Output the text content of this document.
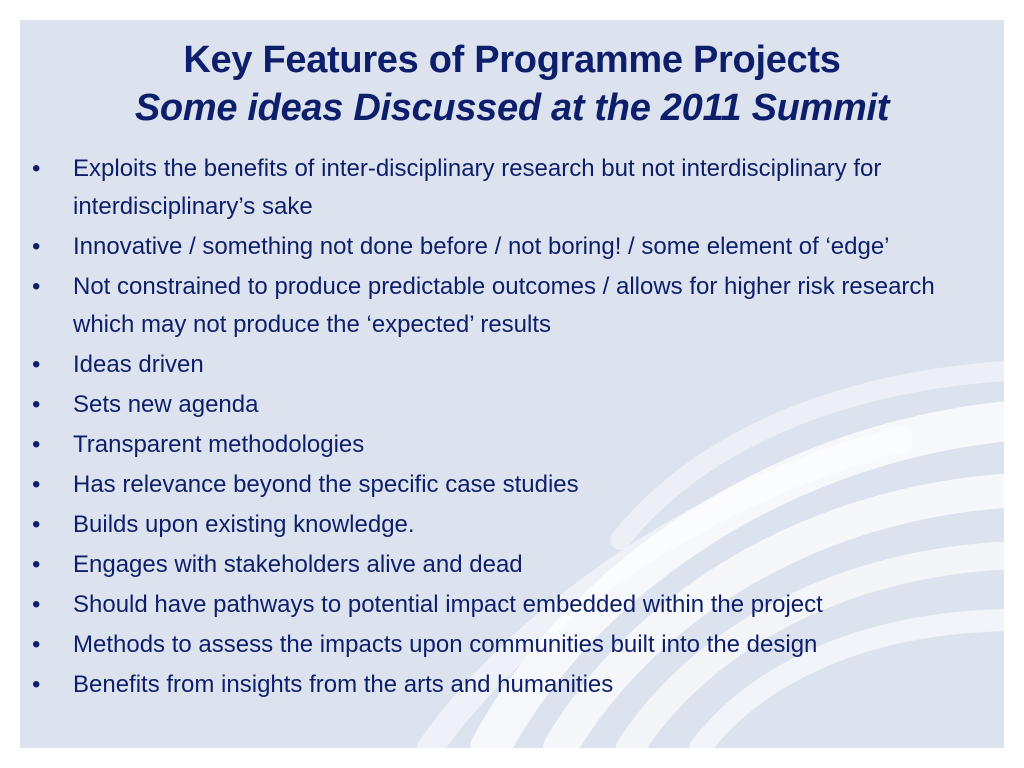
Key Features of Programme Projects
Some ideas Discussed at the 2011 Summit
•	Exploits the benefits of inter-disciplinary research but not interdisciplinary for interdisciplinary’s sake
•	Innovative / something not done before / not boring! / some element of ‘edge’
•	Not constrained to produce predictable outcomes / allows for higher risk research which may not produce the ‘expected’ results
•	Ideas driven
•	Sets new agenda
•	Transparent methodologies
•	Has relevance beyond the specific case studies
•	Builds upon existing knowledge.
•	Engages with stakeholders alive and dead
•	Should have pathways to potential impact embedded within the project
•	Methods to assess the impacts upon communities built into the design
•	Benefits from insights from the arts and humanities
